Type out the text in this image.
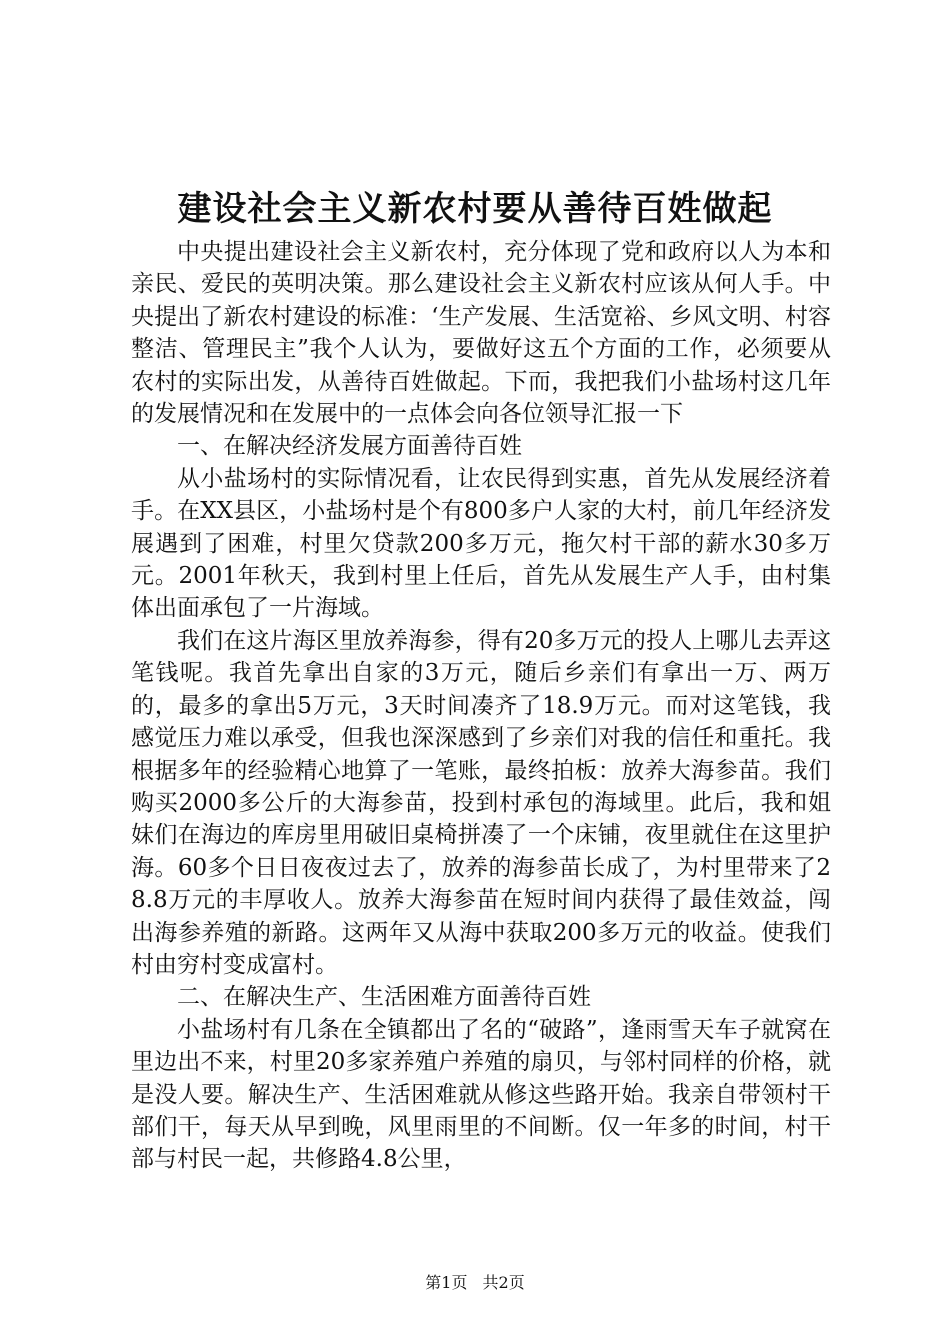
建设社会主义新农村要从善待百姓做起

中央提出建设社会主义新农村，充分体现了党和政府以人为本和亲民、爱民的英明决策。那么建设社会主义新农村应该从何人手。中央提出了新农村建设的标准：‘生产发展、生活宽裕、乡风文明、村容整洁、管理民主”我个人认为，要做好这五个方面的工作，必须要从农村的实际出发，从善待百姓做起。下而，我把我们小盐场村这几年的发展情况和在发展中的一点体会向各位领导汇报一下

一、在解决经济发展方面善待百姓

从小盐场村的实际情况看，让农民得到实惠，首先从发展经济着手。在XX县区，小盐场村是个有800多户人家的大村，前几年经济发展遇到了困难，村里欠贷款200多万元，拖欠村干部的薪水30多万元。2001年秋天，我到村里上任后，首先从发展生产人手，由村集体出面承包了一片海域。

我们在这片海区里放养海参，得有20多万元的投人上哪儿去弄这笔钱呢。我首先拿出自家的3万元，随后乡亲们有拿出一万、两万的，最多的拿出5万元，3天时间凑齐了18.9万元。而对这笔钱，我感觉压力难以承受，但我也深深感到了乡亲们对我的信任和重托。我根据多年的经验精心地算了一笔账，最终拍板：放养大海参苗。我们购买2000多公斤的大海参苗，投到村承包的海域里。此后，我和姐妹们在海边的库房里用破旧桌椅拼凑了一个床铺，夜里就住在这里护海。60多个日日夜夜过去了，放养的海参苗长成了，为村里带来了28.8万元的丰厚收人。放养大海参苗在短时间内获得了最佳效益，闯出海参养殖的新路。这两年又从海中获取200多万元的收益。使我们村由穷村变成富村。

二、在解决生产、生活困难方面善待百姓

小盐场村有几条在全镇都出了名的“破路”，逢雨雪天车子就窝在里边出不来，村里20多家养殖户养殖的扇贝，与邻村同样的价格，就是没人要。解决生产、生活困难就从修这些路开始。我亲自带领村干部们干，每天从早到晚，风里雨里的不间断。仅一年多的时间，村干部与村民一起，共修路4.8公里，

第1页 共2页
